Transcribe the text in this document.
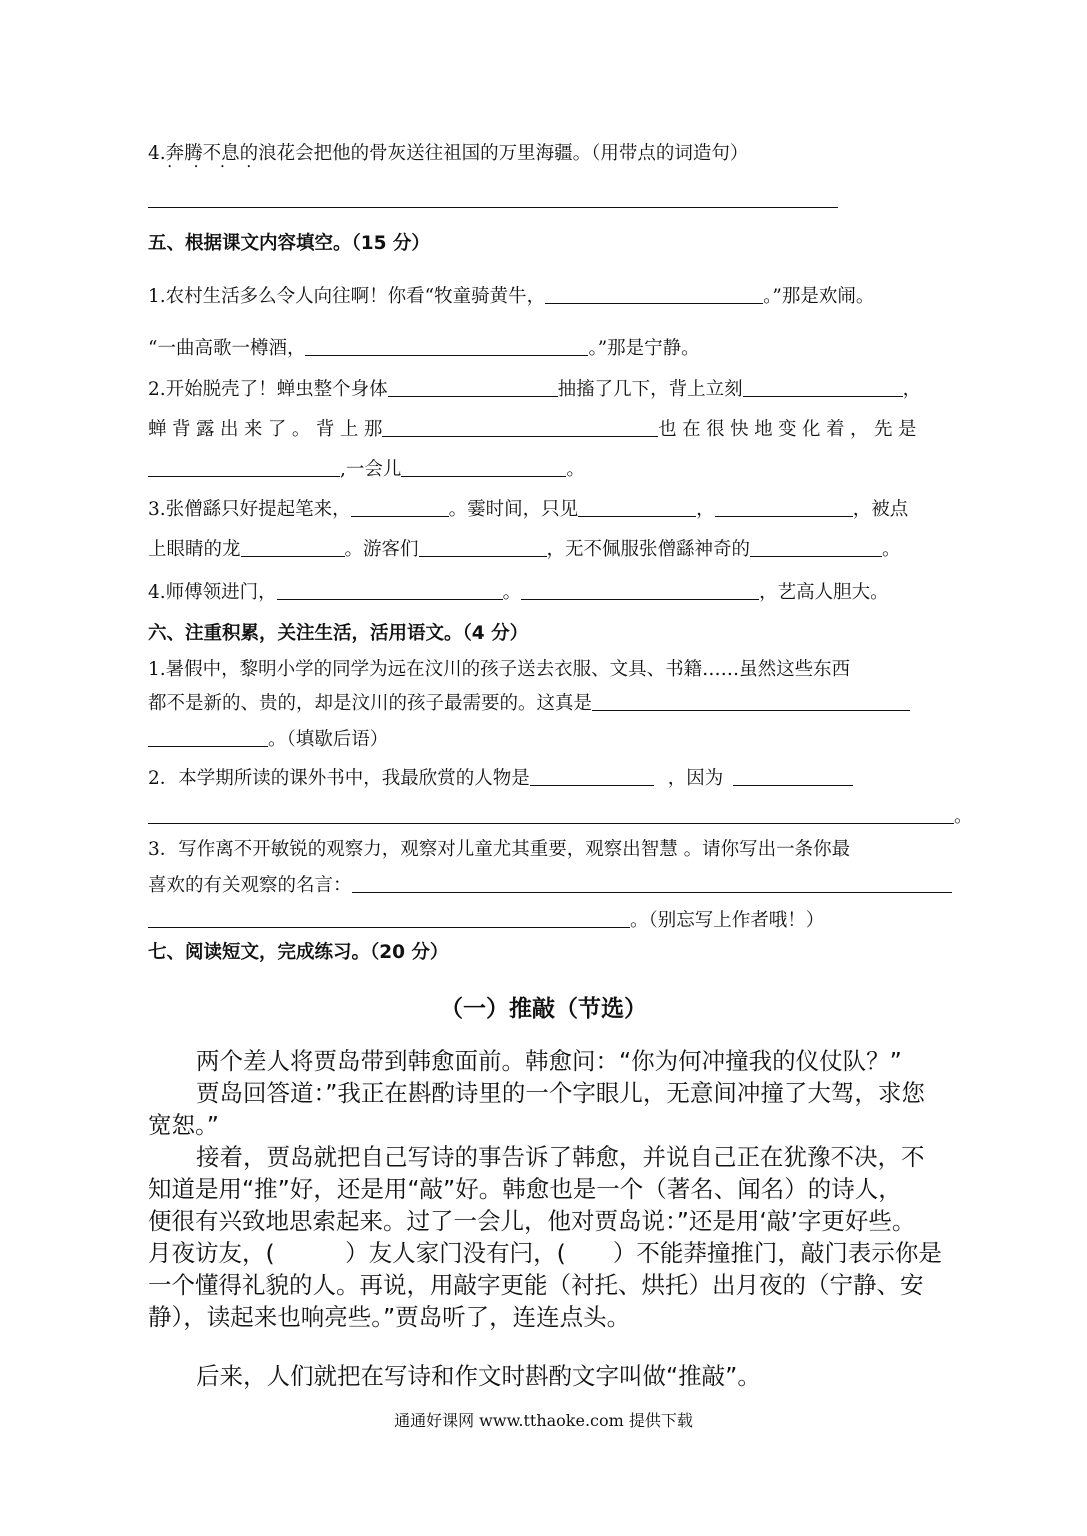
4.奔腾不息 • • • •的浪花会把他的骨灰送往祖国的万里海疆。（用带点的词造句）
五、根据课文内容填空。（15 分）
1.农村生活多么令人向往啊！你看“牧童骑黄牛，	。”那是欢闹。
“一曲高歌一樽酒，	。”那是宁静。
2.开始脱壳了！蝉虫整个身体	抽搐了几下，背上立刻	，
蝉 背 露 出 来 了 。 背 上 那	也 在 很 快 地 变 化 着 ， 先 是
,一会儿	。
3.张僧繇只好提起笔来，	。霎时间，只见	，	，被点
上眼睛的龙	。游客们	，无不佩服张僧繇神奇的	。
4.师傅领进门，	。	，艺高人胆大。
六、注重积累，关注生活，活用语文。（4 分）
1.暑假中，黎明小学的同学为远在汶川的孩子送去衣服、文具、书籍……虽然这些东西
都不是新的、贵的，却是汶川的孩子最需要的。这真是
。（填歇后语）
2．本学期所读的课外书中，我最欣赏的人物是	，因为
。
3．写作离不开敏锐的观察力，观察对儿童尤其重要，观察出智慧 。请你写出一条你最
喜欢的有关观察的名言：
。（别忘写上作者哦！）
七、阅读短文，完成练习。（20 分）
（一）推敲（节选）
两个差人将贾岛带到韩愈面前。韩愈问：“你为何冲撞我的仪仗队？”
贾岛回答道：”我正在斟酌诗里的一个字眼儿，无意间冲撞了大驾，求您
宽恕。”
接着，贾岛就把自己写诗的事告诉了韩愈，并说自己正在犹豫不决，不
知道是用“推”好，还是用“敲”好。韩愈也是一个（著名、闻名）的诗人，
便很有兴致地思索起来。过了一会儿，他对贾岛说：”还是用‘敲’字更好些。
月夜访友，(　　　）友人家门没有闩，(　　）不能莽撞推门，敲门表示你是
一个懂得礼貌的人。再说，用敲字更能（衬托、烘托）出月夜的（宁静、安
静），读起来也响亮些。”贾岛听了，连连点头。
后来，人们就把在写诗和作文时斟酌文字叫做“推敲”。
通通好课网 www.tthaoke.com 提供下载
